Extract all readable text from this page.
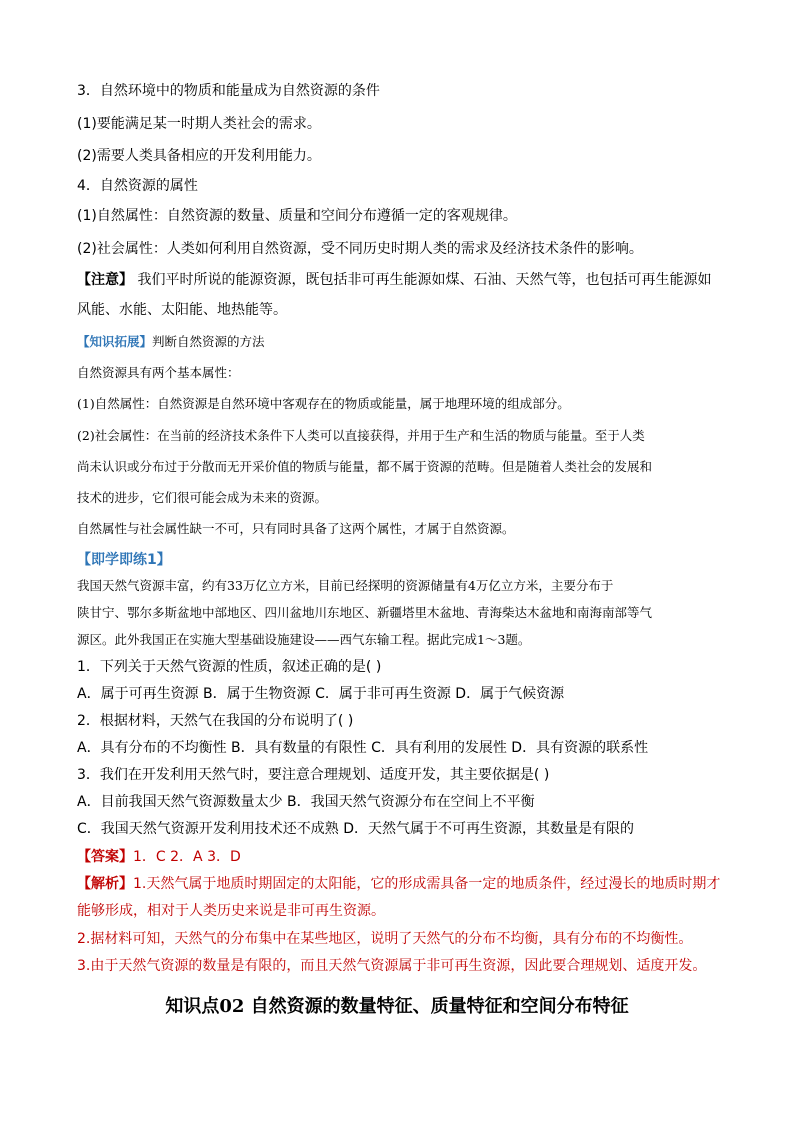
3．自然环境中的物质和能量成为自然资源的条件
(1)要能满足某一时期人类社会的需求。
(2)需要人类具备相应的开发利用能力。
4．自然资源的属性
(1)自然属性：自然资源的数量、质量和空间分布遵循一定的客观规律。
(2)社会属性：人类如何利用自然资源，受不同历史时期人类的需求及经济技术条件的影响。
【注意】 我们平时所说的能源资源，既包括非可再生能源如煤、石油、天然气等，也包括可再生能源如
风能、水能、太阳能、地热能等。
【知识拓展】判断自然资源的方法
自然资源具有两个基本属性：
(1)自然属性：自然资源是自然环境中客观存在的物质或能量，属于地理环境的组成部分。
(2)社会属性：在当前的经济技术条件下人类可以直接获得，并用于生产和生活的物质与能量。至于人类
尚未认识或分布过于分散而无开采价值的物质与能量，都不属于资源的范畴。但是随着人类社会的发展和
技术的进步，它们很可能会成为未来的资源。
自然属性与社会属性缺一不可，只有同时具备了这两个属性，才属于自然资源。
【即学即练1】
我国天然气资源丰富，约有33万亿立方米，目前已经探明的资源储量有4万亿立方米，主要分布于
陕甘宁、鄂尔多斯盆地中部地区、四川盆地川东地区、新疆塔里木盆地、青海柴达木盆地和南海南部等气
源区。此外我国正在实施大型基础设施建设——西气东输工程。据此完成1～3题。
1．下列关于天然气资源的性质，叙述正确的是( )
A．属于可再生资源 B．属于生物资源 C．属于非可再生资源 D．属于气候资源
2．根据材料，天然气在我国的分布说明了( )
A．具有分布的不均衡性 B．具有数量的有限性 C．具有利用的发展性 D．具有资源的联系性
3．我们在开发利用天然气时，要注意合理规划、适度开发，其主要依据是( )
A．目前我国天然气资源数量太少 B．我国天然气资源分布在空间上不平衡
C．我国天然气资源开发利用技术还不成熟 D．天然气属于不可再生资源，其数量是有限的
【答案】1．C 2．A 3．D
【解析】1.天然气属于地质时期固定的太阳能，它的形成需具备一定的地质条件，经过漫长的地质时期才
能够形成，相对于人类历史来说是非可再生资源。
2.据材料可知，天然气的分布集中在某些地区，说明了天然气的分布不均衡，具有分布的不均衡性。
3.由于天然气资源的数量是有限的，而且天然气资源属于非可再生资源，因此要合理规划、适度开发。
知识点02 自然资源的数量特征、质量特征和空间分布特征
